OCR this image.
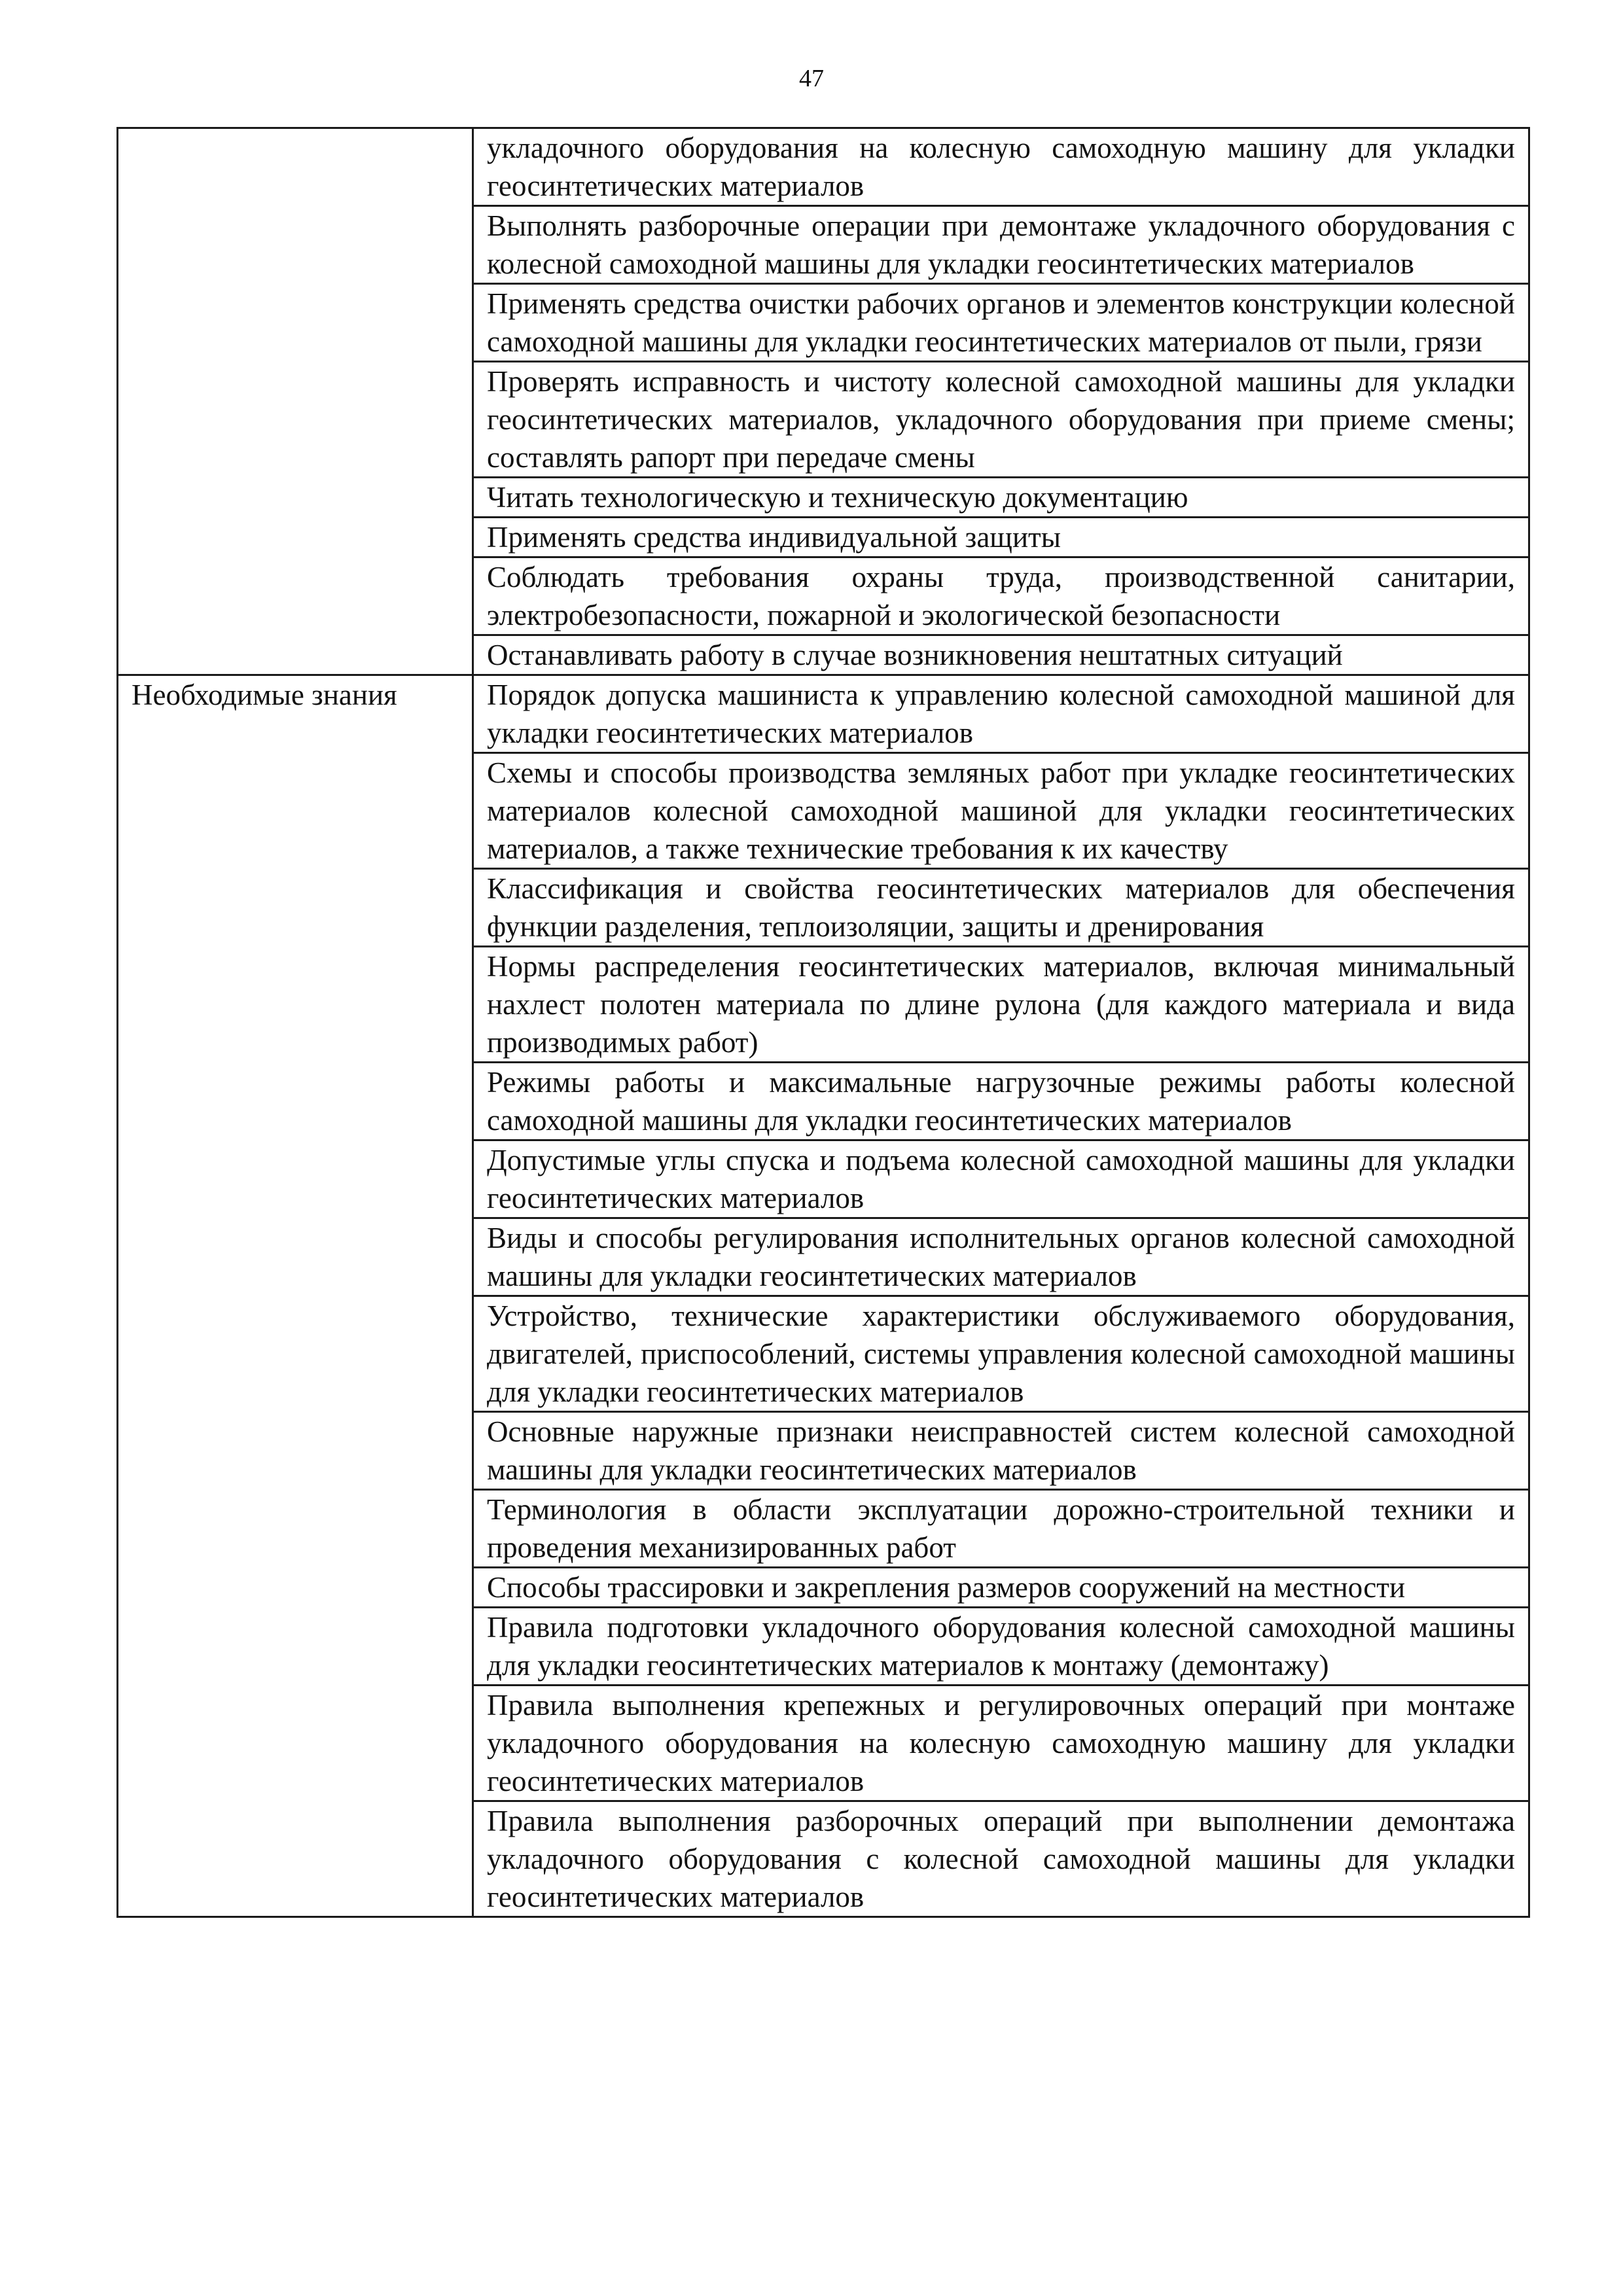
47
	укладочного оборудования на колесную самоходную машину для укладки геосинтетических материалов
	Выполнять разборочные операции при демонтаже укладочного оборудования с колесной самоходной машины для укладки геосинтетических материалов
	Применять средства очистки рабочих органов и элементов конструкции колесной самоходной машины для укладки геосинтетических материалов от пыли, грязи
	Проверять исправность и чистоту колесной самоходной машины для укладки геосинтетических материалов, укладочного оборудования при приеме смены; составлять рапорт при передаче смены
	Читать технологическую и техническую документацию
	Применять средства индивидуальной защиты
	Соблюдать требования охраны труда, производственной санитарии, электробезопасности, пожарной и экологической безопасности
	Останавливать работу в случае возникновения нештатных ситуаций

Необходимые знания	Порядок допуска машиниста к управлению колесной самоходной машиной для укладки геосинтетических материалов
	Схемы и способы производства земляных работ при укладке геосинтетических материалов колесной самоходной машиной для укладки геосинтетических материалов, а также технические требования к их качеству
	Классификация и свойства геосинтетических материалов для обеспечения функции разделения, теплоизоляции, защиты и дренирования
	Нормы распределения геосинтетических материалов, включая минимальный нахлест полотен материала по длине рулона (для каждого материала и вида производимых работ)
	Режимы работы и максимальные нагрузочные режимы работы колесной самоходной машины для укладки геосинтетических материалов
	Допустимые углы спуска и подъема колесной самоходной машины для укладки геосинтетических материалов
	Виды и способы регулирования исполнительных органов колесной самоходной машины для укладки геосинтетических материалов
	Устройство, технические характеристики обслуживаемого оборудования, двигателей, приспособлений, системы управления колесной самоходной машины для укладки геосинтетических материалов
	Основные наружные признаки неисправностей систем колесной самоходной машины для укладки геосинтетических материалов
	Терминология в области эксплуатации дорожно-строительной техники и проведения механизированных работ
	Способы трассировки и закрепления размеров сооружений на местности
	Правила подготовки укладочного оборудования колесной самоходной машины для укладки геосинтетических материалов к монтажу (демонтажу)
	Правила выполнения крепежных и регулировочных операций при монтаже укладочного оборудования на колесную самоходную машину для укладки геосинтетических материалов
	Правила выполнения разборочных операций при выполнении демонтажа укладочного оборудования с колесной самоходной машины для укладки геосинтетических материалов
